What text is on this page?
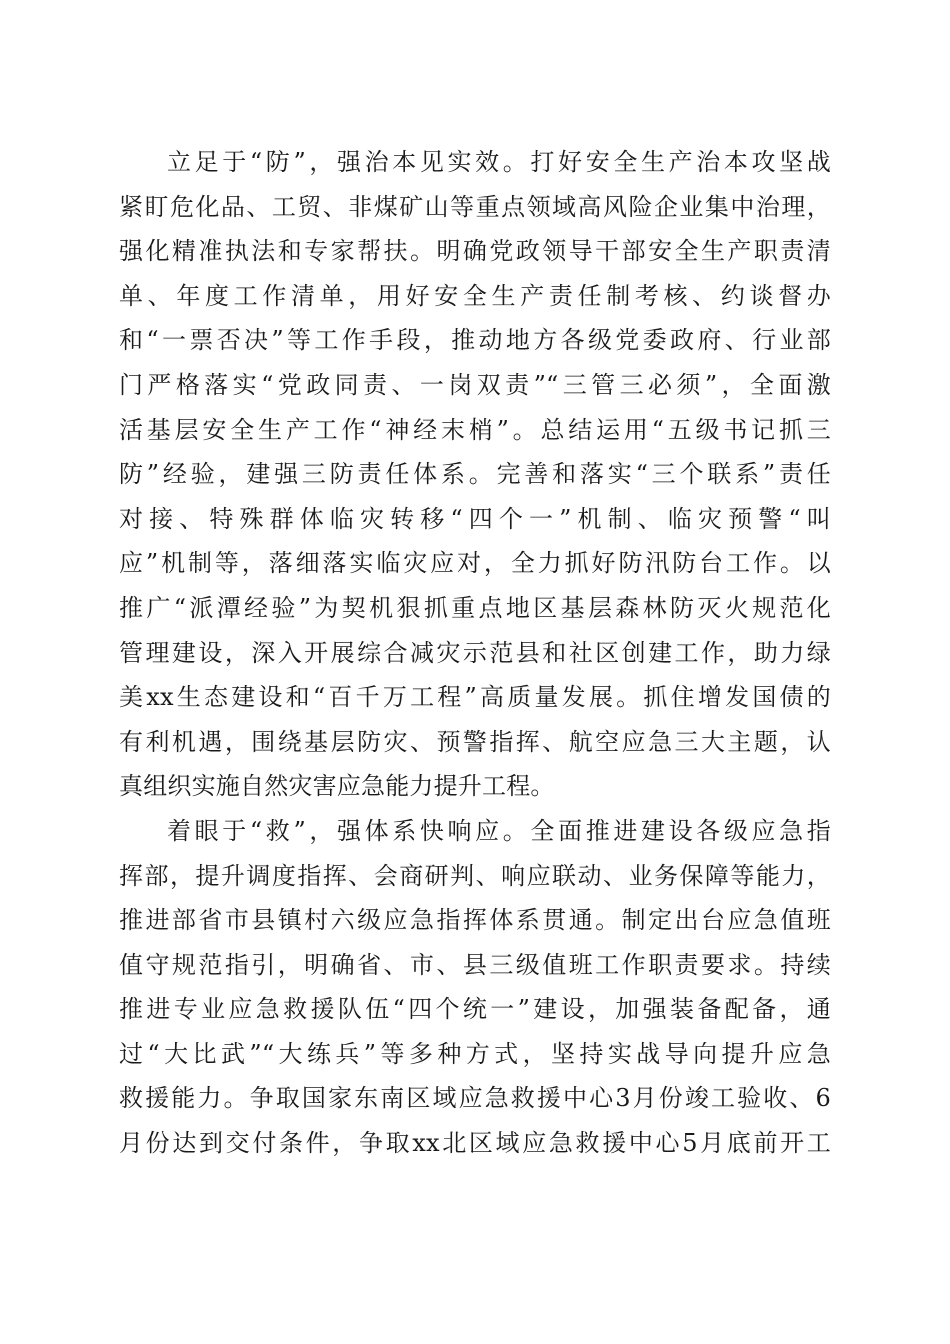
立足于“防”，强治本见实效。打好安全生产治本攻坚战
紧盯危化品、工贸、非煤矿山等重点领域高风险企业集中治理，
强化精准执法和专家帮扶。明确党政领导干部安全生产职责清
单、年度工作清单，用好安全生产责任制考核、约谈督办
和“一票否决”等工作手段，推动地方各级党委政府、行业部
门严格落实“党政同责、一岗双责”“三管三必须”，全面激
活基层安全生产工作“神经末梢”。总结运用“五级书记抓三
防”经验，建强三防责任体系。完善和落实“三个联系”责任
对接、特殊群体临灾转移“四个一”机制、临灾预警“叫
应”机制等，落细落实临灾应对，全力抓好防汛防台工作。以
推广“派潭经验”为契机狠抓重点地区基层森林防灭火规范化
管理建设，深入开展综合减灾示范县和社区创建工作，助力绿
美xx生态建设和“百千万工程”高质量发展。抓住增发国债的
有利机遇，围绕基层防灾、预警指挥、航空应急三大主题，认
真组织实施自然灾害应急能力提升工程。
着眼于“救”，强体系快响应。全面推进建设各级应急指
挥部，提升调度指挥、会商研判、响应联动、业务保障等能力，
推进部省市县镇村六级应急指挥体系贯通。制定出台应急值班
值守规范指引，明确省、市、县三级值班工作职责要求。持续
推进专业应急救援队伍“四个统一”建设，加强装备配备，通
过“大比武”“大练兵”等多种方式，坚持实战导向提升应急
救援能力。争取国家东南区域应急救援中心3月份竣工验收、6
月份达到交付条件，争取xx北区域应急救援中心5月底前开工
